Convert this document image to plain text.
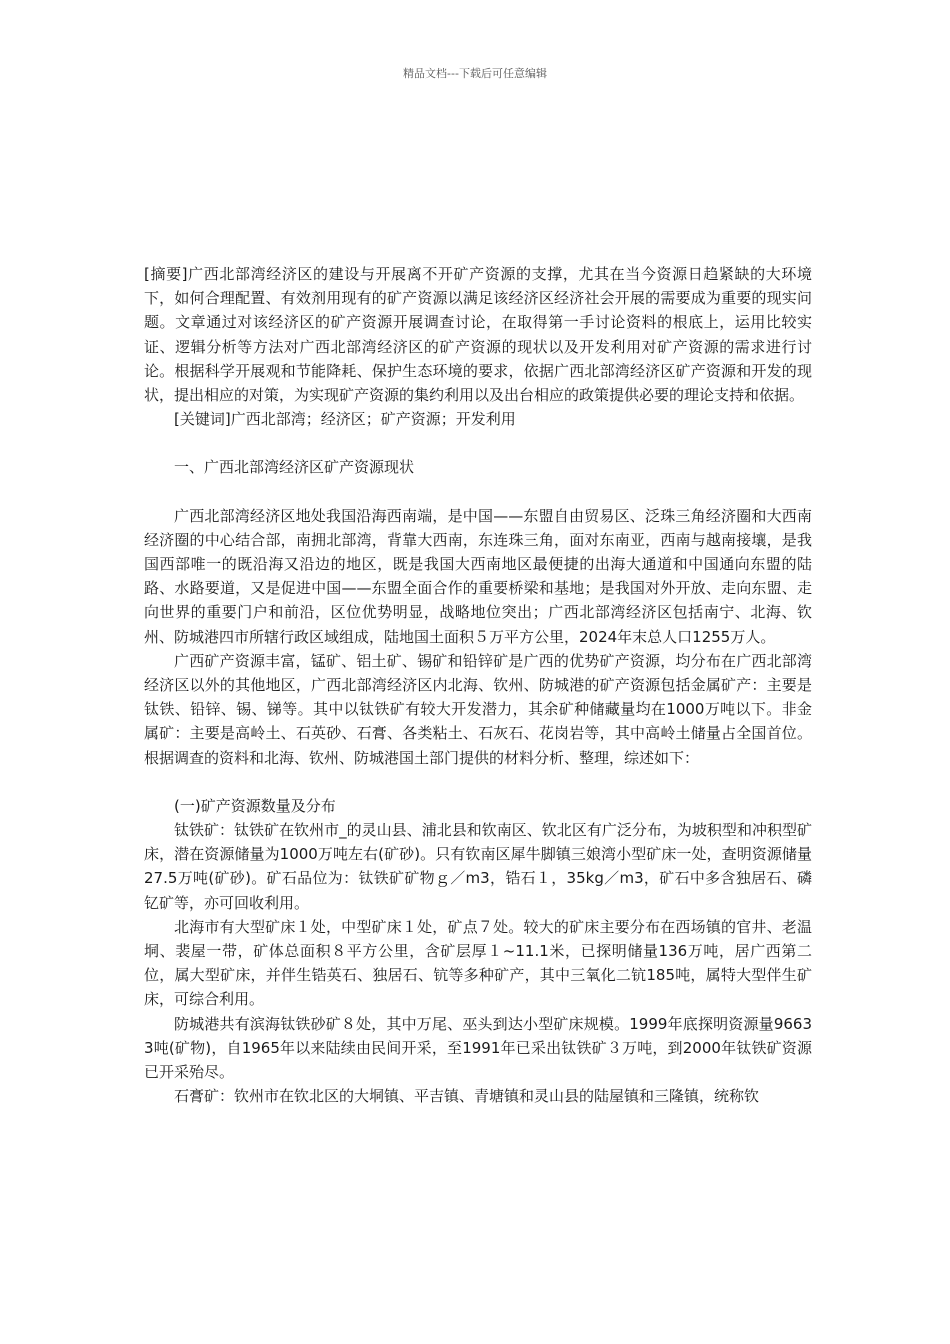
精品文档---下载后可任意编辑

[摘要]广西北部湾经济区的建设与开展离不开矿产资源的支撑，尤其在当今资源日趋紧缺的大环境下，如何合理配置、有效剂用现有的矿产资源以满足该经济区经济社会开展的需要成为重要的现实问题。文章通过对该经济区的矿产资源开展调查讨论，在取得第一手讨论资料的根底上，运用比较实证、逻辑分析等方法对广西北部湾经济区的矿产资源的现状以及开发利用对矿产资源的需求进行讨论。根据科学开展观和节能降耗、保护生态环境的要求，依据广西北部湾经济区矿产资源和开发的现状，提出相应的对策，为实现矿产资源的集约利用以及出台相应的政策提供必要的理论支持和依据。

[关键词]广西北部湾；经济区；矿产资源；开发利用

一、广西北部湾经济区矿产资源现状

广西北部湾经济区地处我国沿海西南端，是中国——东盟自由贸易区、泛珠三角经济圈和大西南经济圈的中心结合部，南拥北部湾，背靠大西南，东连珠三角，面对东南亚，西南与越南接壤，是我国西部唯一的既沿海又沿边的地区，既是我国大西南地区最便捷的出海大通道和中国通向东盟的陆路、水路要道，又是促进中国——东盟全面合作的重要桥梁和基地；是我国对外开放、走向东盟、走向世界的重要门户和前沿，区位优势明显，战略地位突出；广西北部湾经济区包括南宁、北海、钦州、防城港四市所辖行政区域组成，陆地国土面积５万平方公里，2024年末总人口1255万人。

广西矿产资源丰富，锰矿、铝土矿、锡矿和铅锌矿是广西的优势矿产资源，均分布在广西北部湾经济区以外的其他地区，广西北部湾经济区内北海、钦州、防城港的矿产资源包括金属矿产：主要是钛铁、铅锌、锡、锑等。其中以钛铁矿有较大开发潜力，其余矿种储藏量均在1000万吨以下。非金属矿：主要是高岭土、石英砂、石膏、各类粘土、石灰石、花岗岩等，其中高岭土储量占全国首位。根据调查的资料和北海、钦州、防城港国土部门提供的材料分析、整理，综述如下：

(一)矿产资源数量及分布

钛铁矿：钛铁矿在钦州市_的灵山县、浦北县和钦南区、钦北区有广泛分布，为坡积型和冲积型矿床，潜在资源储量为1000万吨左右(矿砂)。只有钦南区犀牛脚镇三娘湾小型矿床一处，查明资源储量27.5万吨(矿砂)。矿石品位为：钛铁矿矿物ｇ／m3，锆石１，35kg／m3，矿石中多含独居石、磷钇矿等，亦可回收利用。

北海市有大型矿床１处，中型矿床１处，矿点７处。较大的矿床主要分布在西场镇的官井、老温垌、裴屋一带，矿体总面积８平方公里，含矿层厚１~11.1米，已探明储量136万吨，居广西第二位，属大型矿床，并伴生锆英石、独居石、钪等多种矿产，其中三氧化二钪185吨，属特大型伴生矿床，可综合利用。

防城港共有滨海钛铁砂矿８处，其中万尾、巫头到达小型矿床规模。1999年底探明资源量96633吨(矿物)，自1965年以来陆续由民间开采，至1991年已采出钛铁矿３万吨，到2000年钛铁矿资源已开采殆尽。

石膏矿：钦州市在钦北区的大垌镇、平吉镇、青塘镇和灵山县的陆屋镇和三隆镇，统称钦
